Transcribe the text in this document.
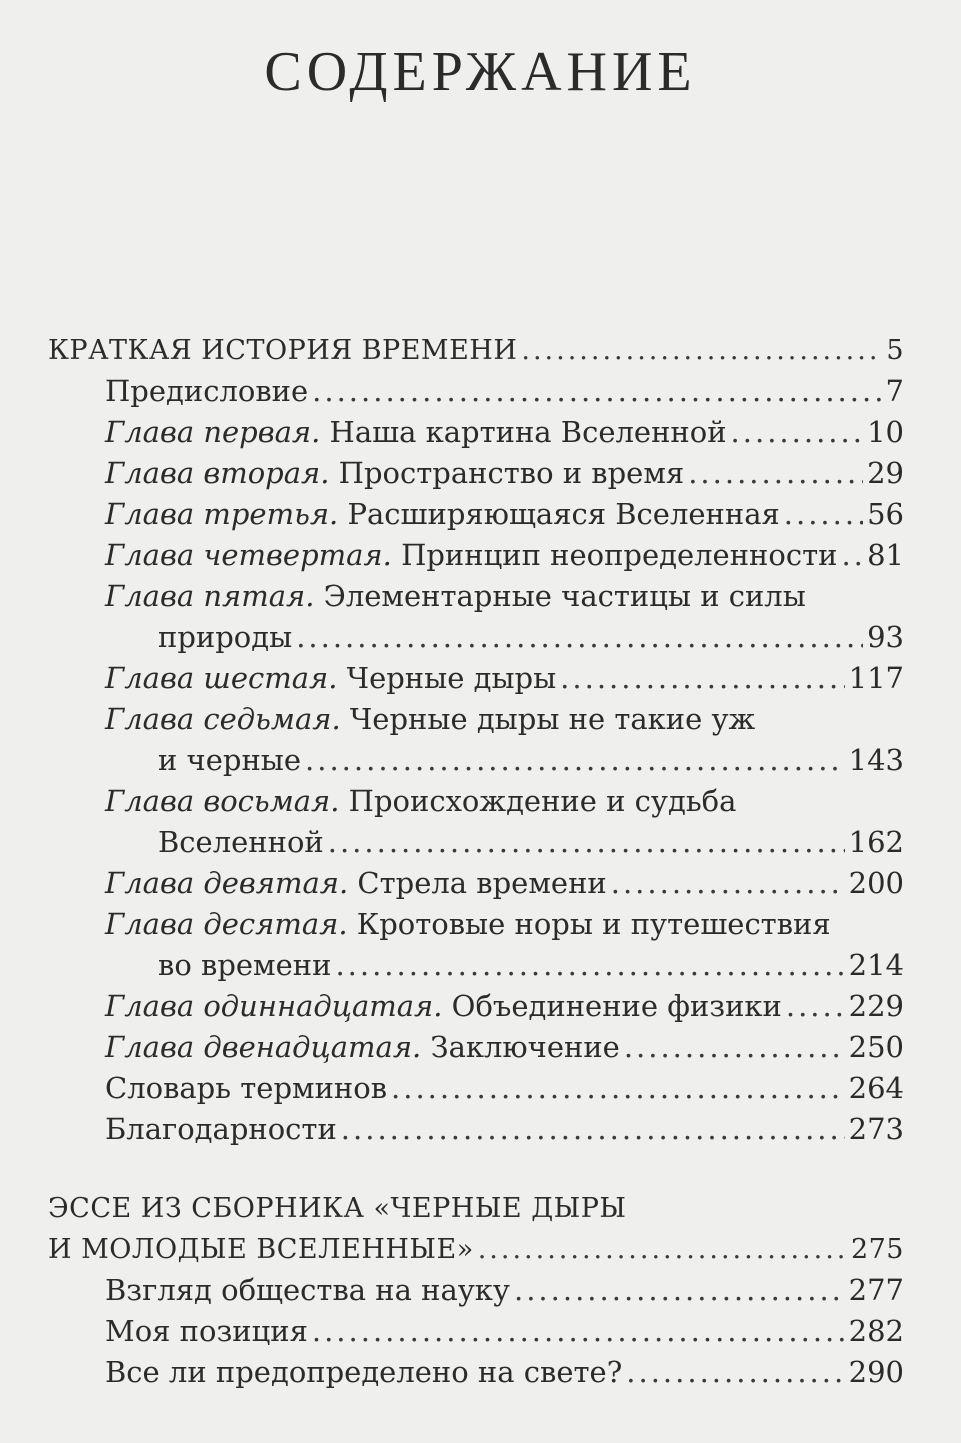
СОДЕРЖАНИЕ
КРАТКАЯ ИСТОРИЯ ВРЕМЕНИ .....	5
Предисловие .....	7
Глава первая. Наша картина Вселенной .....	10
Глава вторая. Пространство и время .....	29
Глава третья. Расширяющаяся Вселенная .....	56
Глава четвертая. Принцип неопределенности ..... 81
Глава пятая. Элементарные частицы и силы
природы .....	93
Глава шестая. Черные дыры .....	117
Глава седьмая. Черные дыры не такие уж
и черные .....	143
Глава восьмая. Происхождение и судьба
Вселенной .....	162
Глава девятая. Стрела времени .....	200
Глава десятая. Кротовые норы и путешествия
во времени .....	214
Глава одиннадцатая. Объединение физики ..... 229
Глава двенадцатая. Заключение .....	250
Словарь терминов .....	264
Благодарности .....	273
ЭССЕ ИЗ СБОРНИКА «ЧЕРНЫЕ ДЫРЫ
И МОЛОДЫЕ ВСЕЛЕННЫЕ» .....	275
Взгляд общества на науку .....	277
Моя позиция .....	282
Все ли предопределено на свете? .....	290
